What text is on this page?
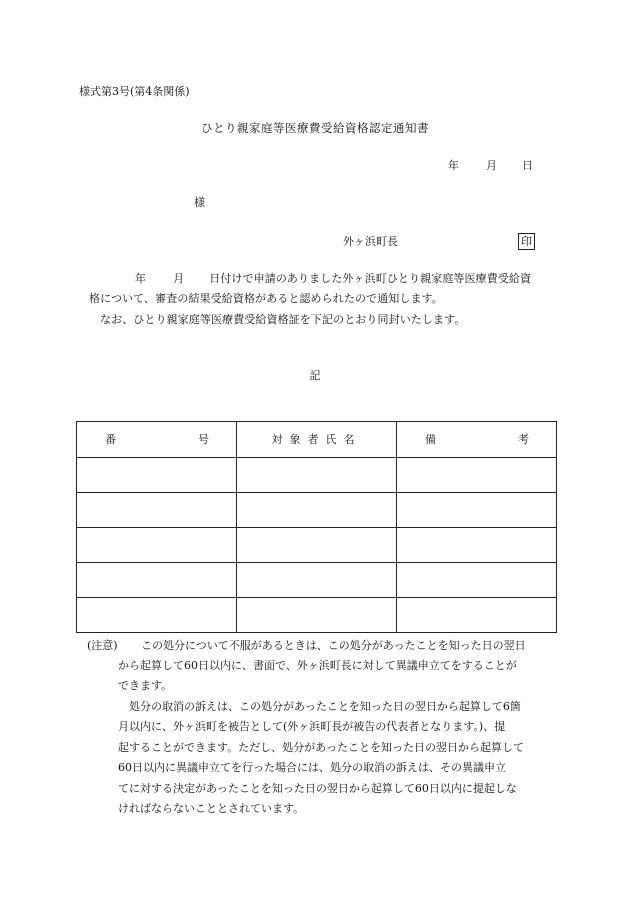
様式第3号(第4条関係)
ひとり親家庭等医療費受給資格認定通知書
年 月 日
様
外ヶ浜町長	印
年 月 日付けで申請のありました外ヶ浜町ひとり親家庭等医療費受給資
格について、審査の結果受給資格があると認められたので通知します。
なお、ひとり親家庭等医療費受給資格証を下記のとおり同封いたします。
記
番 号	対象者氏名	備 考

(注意) この処分について不服があるときは、この処分があったことを知った日の翌日
から起算して60日以内に、書面で、外ヶ浜町長に対して異議申立てをすることが
できます。
処分の取消の訴えは、この処分があったことを知った日の翌日から起算して6箇
月以内に、外ヶ浜町を被告として(外ヶ浜町長が被告の代表者となります。)、提
起することができます。ただし、処分があったことを知った日の翌日から起算して
60日以内に異議申立てを行った場合には、処分の取消の訴えは、その異議申立
てに対する決定があったことを知った日の翌日から起算して60日以内に提起しな
ければならないこととされています。
